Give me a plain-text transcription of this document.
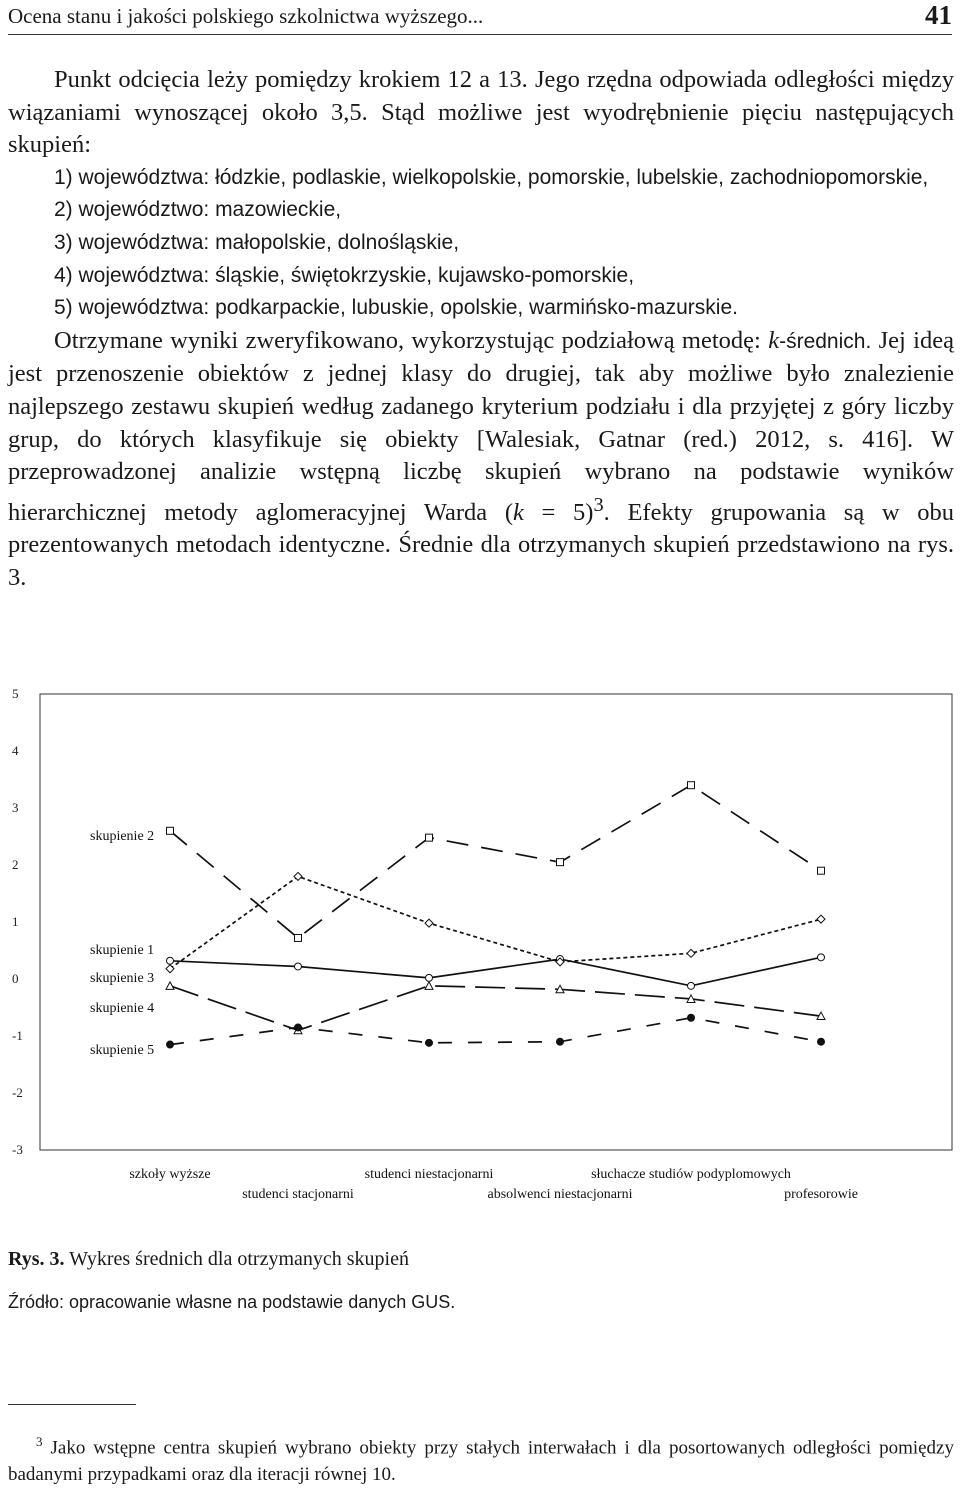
Ocena stanu i jakości polskiego szkolnictwa wyższego...	41

Punkt odcięcia leży pomiędzy krokiem 12 a 13. Jego rzędna odpowiada odległości między wiązaniami wynoszącej około 3,5. Stąd możliwe jest wyodrębnienie pięciu następujących skupień:

1) województwa: łódzkie, podlaskie, wielkopolskie, pomorskie, lubelskie, zachodniopomorskie,

2) województwo: mazowieckie,

3) województwa: małopolskie, dolnośląskie,

4) województwa: śląskie, świętokrzyskie, kujawsko-pomorskie,

5) województwa: podkarpackie, lubuskie, opolskie, warmińsko-mazurskie.

Otrzymane wyniki zweryfikowano, wykorzystując podziałową metodę: k-średnich. Jej ideą jest przenoszenie obiektów z jednej klasy do drugiej, tak aby możliwe było znalezienie najlepszego zestawu skupień według zadanego kryterium podziału i dla przyjętej z góry liczby grup, do których klasyfikuje się obiekty [Walesiak, Gatnar (red.) 2012, s. 416]. W przeprowadzonej analizie wstępną liczbę skupień wybrano na podstawie wyników hierarchicznej metody aglomeracyjnej Warda (k = 5)$^3$. Efekty grupowania są w obu prezentowanych metodach identyczne. Średnie dla otrzymanych skupień przedstawiono na rys. 3.

5
4
3
2
1
0
-1
-2
-3
skupienie 2
skupienie 1
skupienie 3
skupienie 4
skupienie 5
szkoły wyższe
studenci stacjonarni
studenci niestacjonarni
absolwenci niestacjonarni
słuchacze studiów podyplomowych
profesorowie
Rys. 3. Wykres średnich dla otrzymanych skupień
Źródło: opracowanie własne na podstawie danych GUS.
$^3$ Jako wstępne centra skupień wybrano obiekty przy stałych interwałach i dla posortowanych odległości pomiędzy badanymi przypadkami oraz dla iteracji równej 10.
